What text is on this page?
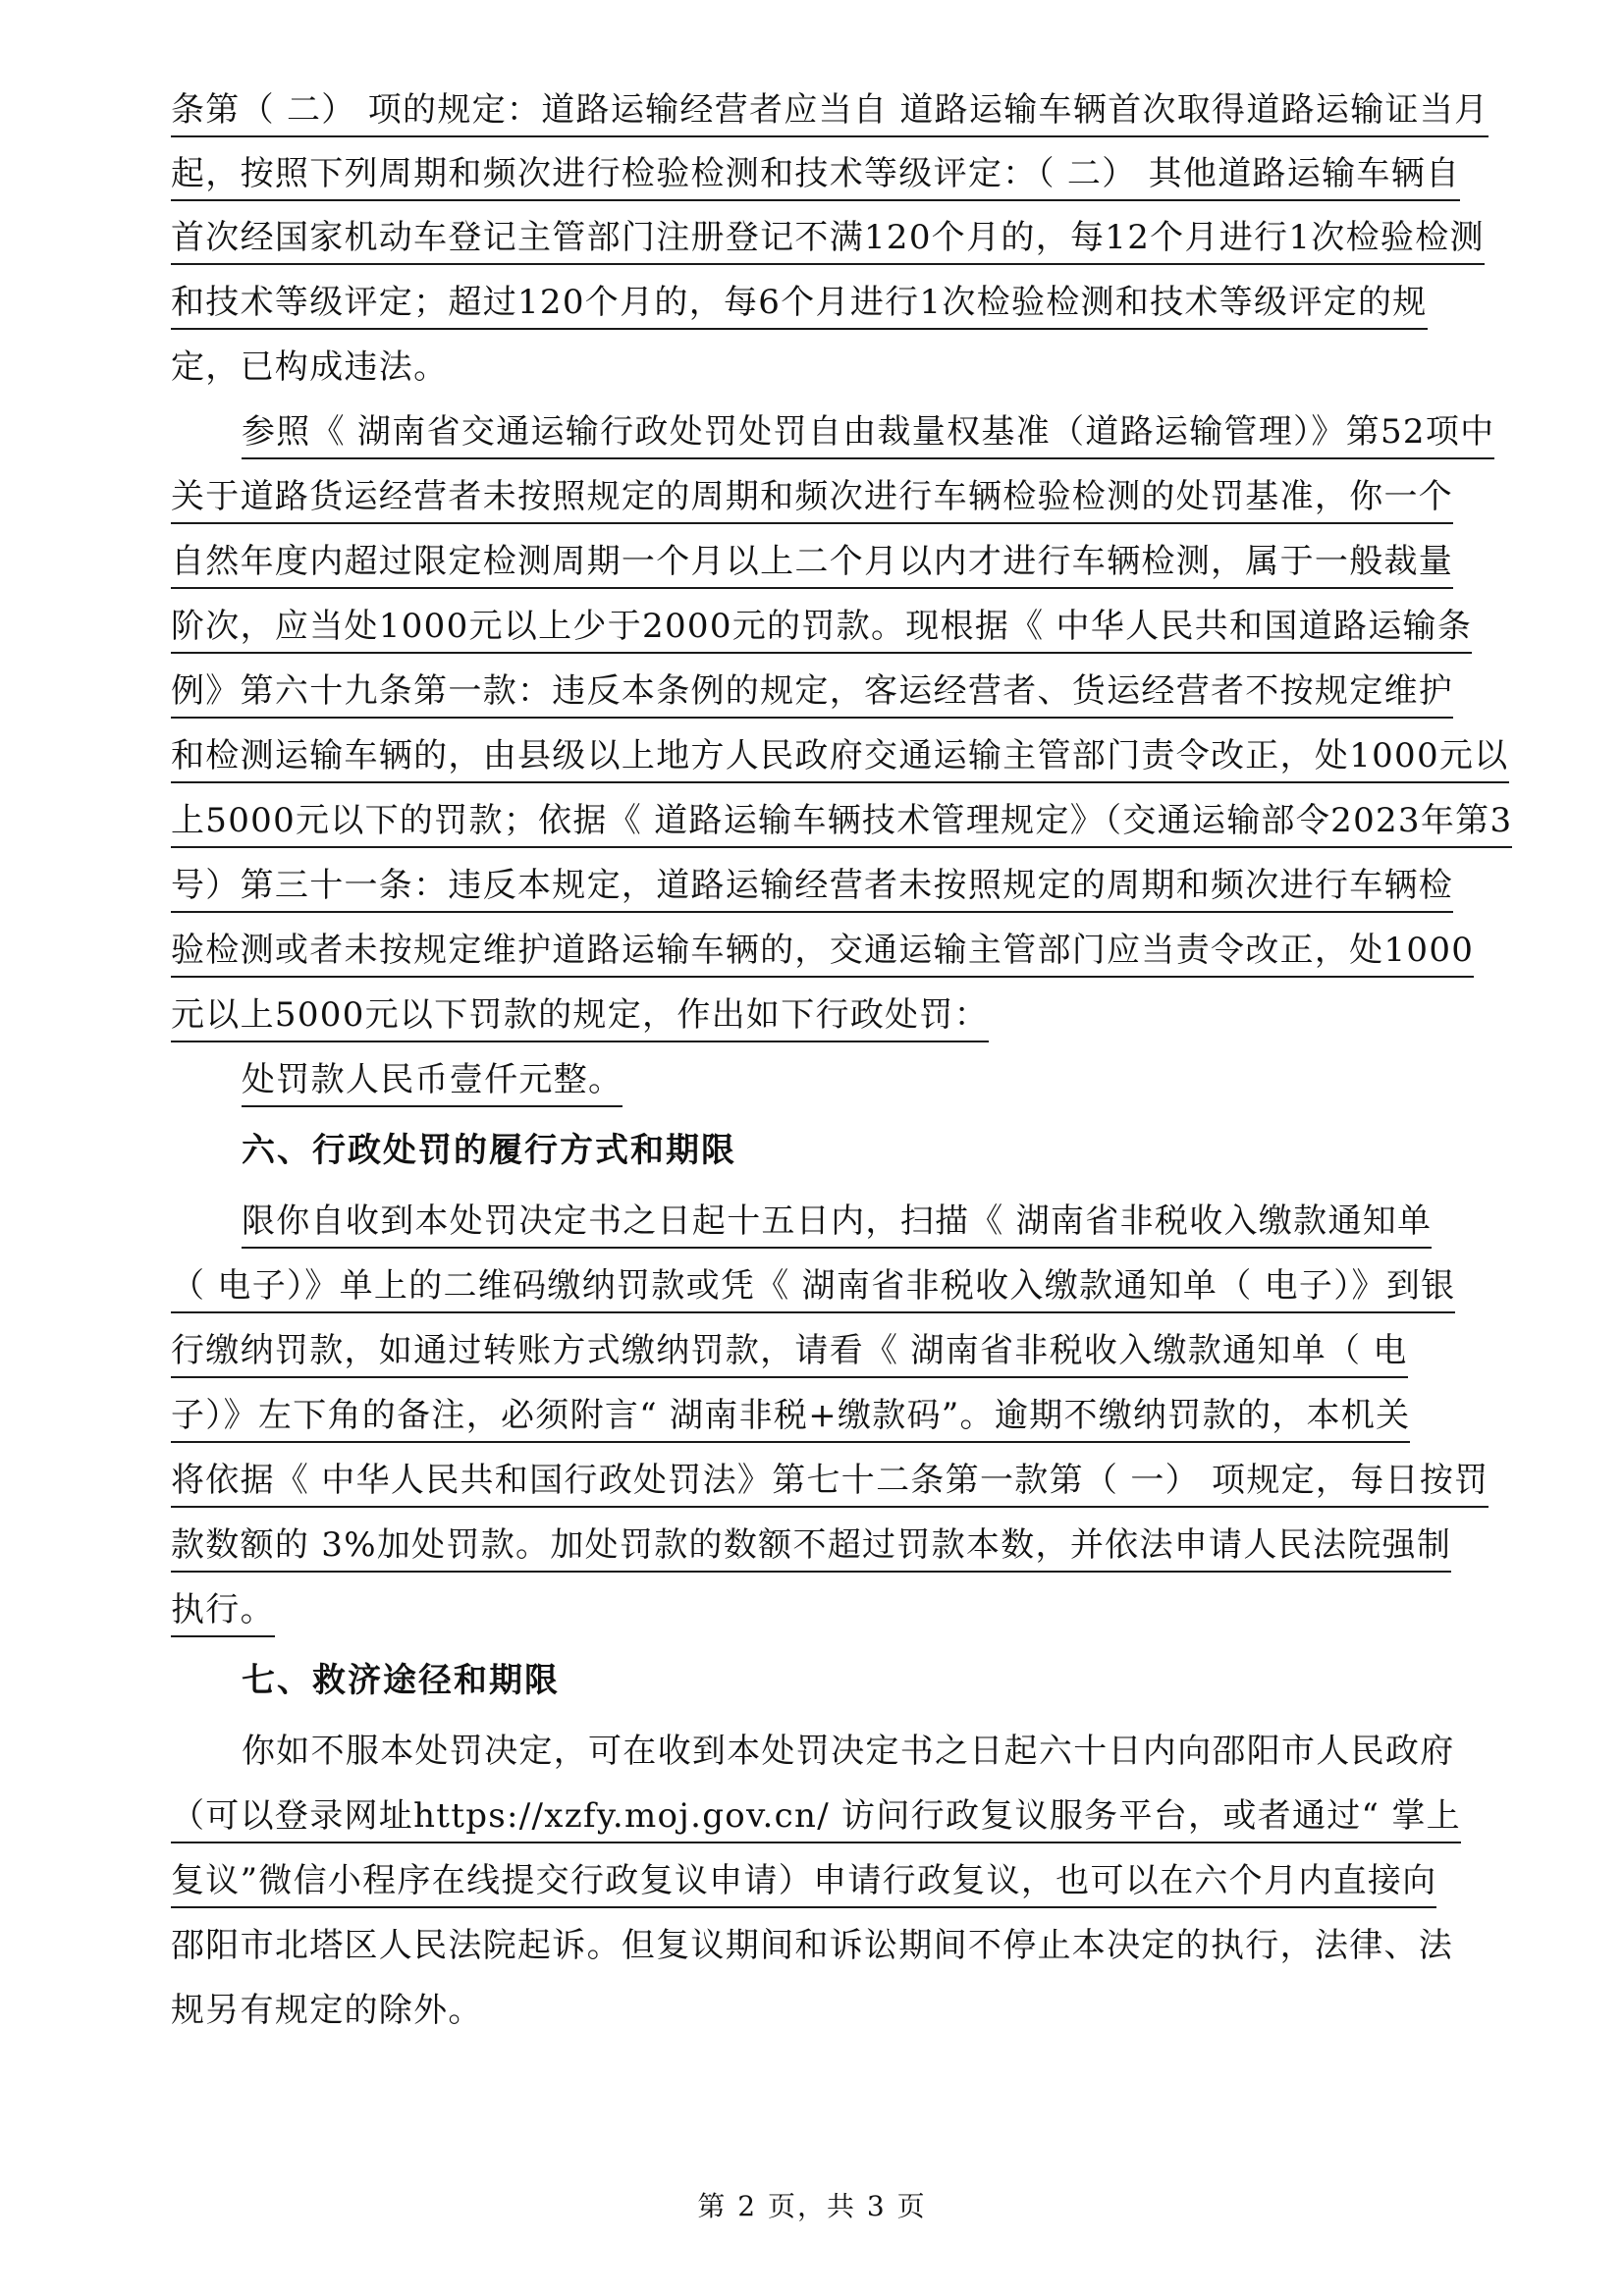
条第（ 二） 项的规定：道路运输经营者应当自 道路运输车辆首次取得道路运输证当月
起，按照下列周期和频次进行检验检测和技术等级评定：（ 二） 其他道路运输车辆自
首次经国家机动车登记主管部门注册登记不满120个月的，每12个月进行1次检验检测
和技术等级评定；超过120个月的，每6个月进行1次检验检测和技术等级评定的规
定，已构成违法。
参照《 湖南省交通运输行政处罚处罚自由裁量权基准（道路运输管理）》第52项中
关于道路货运经营者未按照规定的周期和频次进行车辆检验检测的处罚基准，你一个
自然年度内超过限定检测周期一个月以上二个月以内才进行车辆检测，属于一般裁量
阶次，应当处1000元以上少于2000元的罚款。现根据《 中华人民共和国道路运输条
例》第六十九条第一款：违反本条例的规定，客运经营者、货运经营者不按规定维护
和检测运输车辆的，由县级以上地方人民政府交通运输主管部门责令改正，处1000元以
上5000元以下的罚款；依据《 道路运输车辆技术管理规定》（交通运输部令2023年第3
号）第三十一条：违反本规定，道路运输经营者未按照规定的周期和频次进行车辆检
验检测或者未按规定维护道路运输车辆的，交通运输主管部门应当责令改正，处1000
元以上5000元以下罚款的规定，作出如下行政处罚：
处罚款人民币壹仟元整。
六、行政处罚的履行方式和期限
限你自收到本处罚决定书之日起十五日内，扫描《 湖南省非税收入缴款通知单
（ 电子）》单上的二维码缴纳罚款或凭《 湖南省非税收入缴款通知单（ 电子）》到银
行缴纳罚款，如通过转账方式缴纳罚款，请看《 湖南省非税收入缴款通知单（ 电
子）》左下角的备注，必须附言“ 湖南非税+缴款码”。逾期不缴纳罚款的，本机关
将依据《 中华人民共和国行政处罚法》第七十二条第一款第（ 一） 项规定，每日按罚
款数额的 3%加处罚款。加处罚款的数额不超过罚款本数，并依法申请人民法院强制
执行。
七、救济途径和期限
你如不服本处罚决定，可在收到本处罚决定书之日起六十日内向邵阳市人民政府
（可以登录网址https://xzfy.moj.gov.cn/ 访问行政复议服务平台，或者通过“ 掌上
复议”微信小程序在线提交行政复议申请）申请行政复议，也可以在六个月内直接向
邵阳市北塔区人民法院起诉。但复议期间和诉讼期间不停止本决定的执行，法律、法
规另有规定的除外。
第 2 页，共 3 页
